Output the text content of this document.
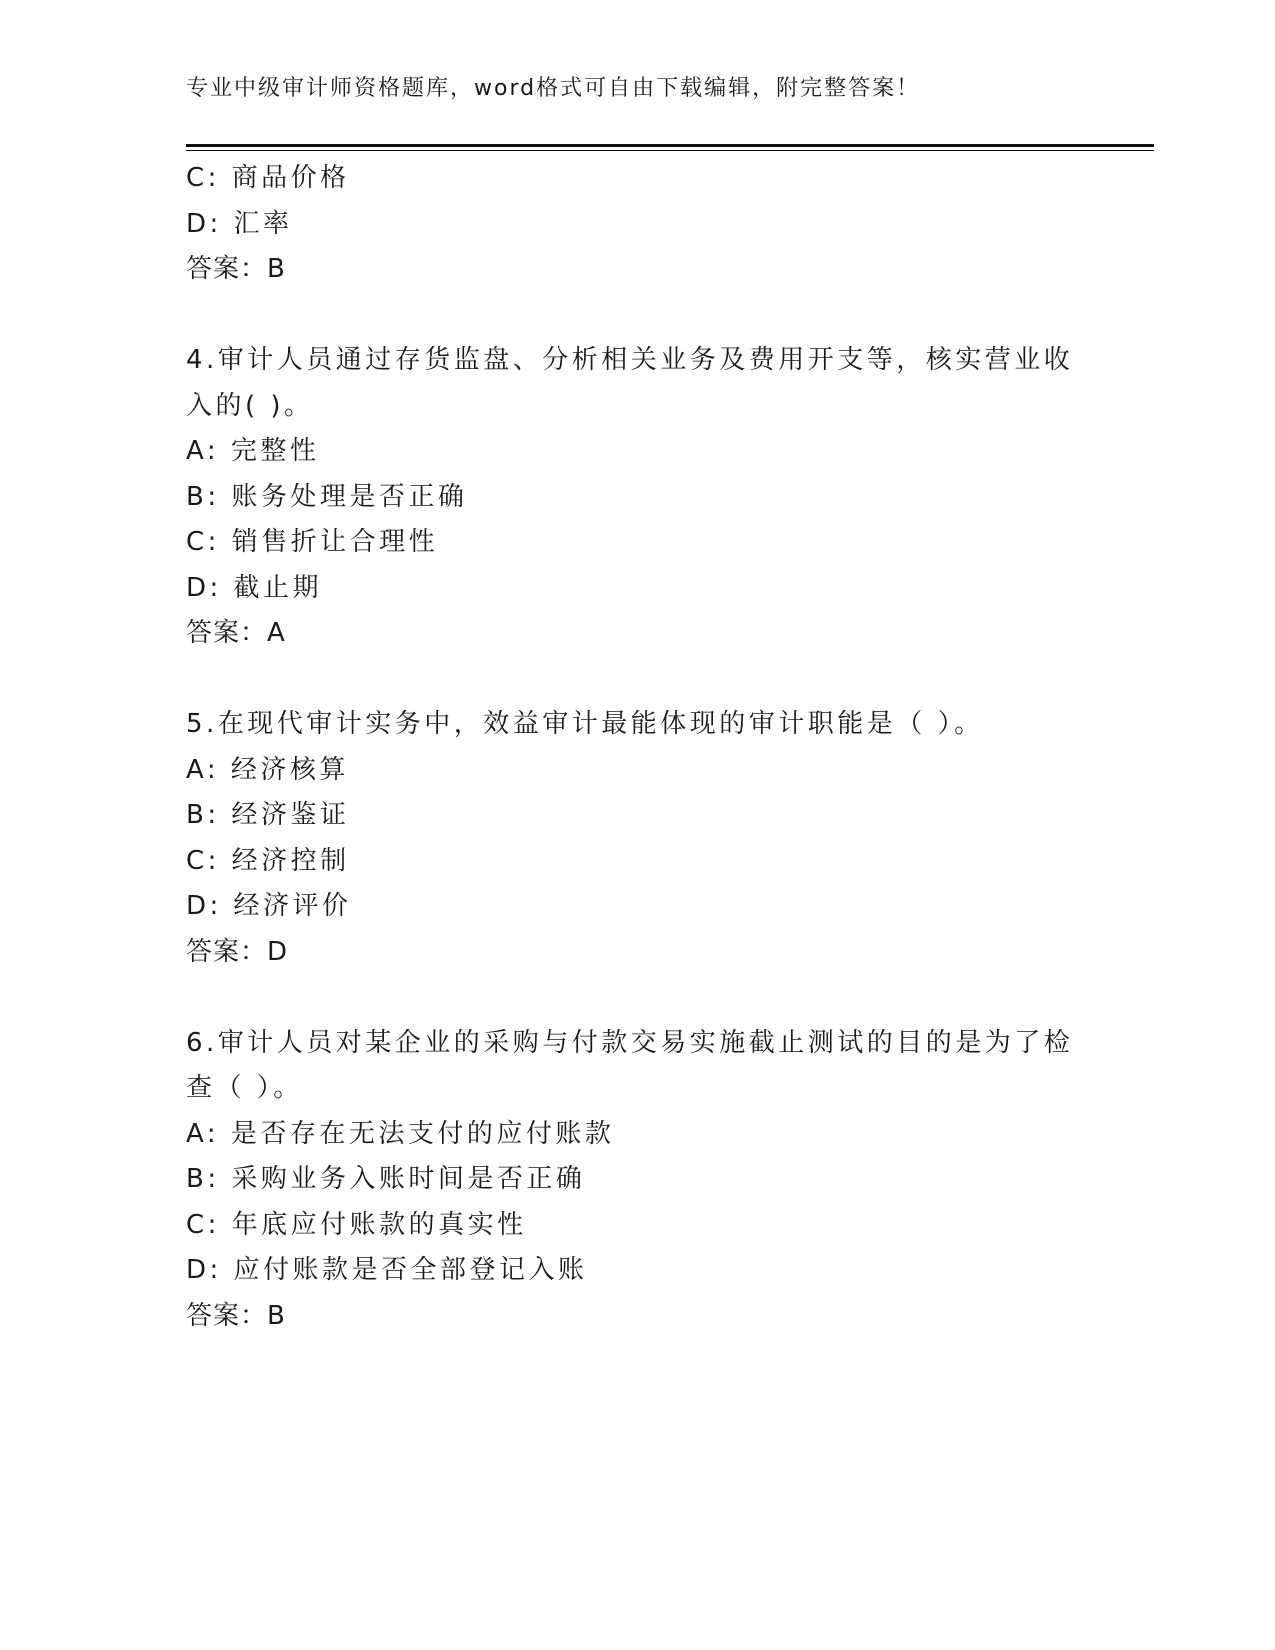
专业中级审计师资格题库，word格式可自由下载编辑，附完整答案！
C: 商品价格
D: 汇率
答案：B
4.审计人员通过存货监盘、分析相关业务及费用开支等，核实营业收
入的( )。
A: 完整性
B: 账务处理是否正确
C: 销售折让合理性
D: 截止期
答案：A
5.在现代审计实务中，效益审计最能体现的审计职能是（ ）。
A: 经济核算
B: 经济鉴证
C: 经济控制
D: 经济评价
答案：D
6.审计人员对某企业的采购与付款交易实施截止测试的目的是为了检
查（ ）。
A: 是否存在无法支付的应付账款
B: 采购业务入账时间是否正确
C: 年底应付账款的真实性
D: 应付账款是否全部登记入账
答案：B
